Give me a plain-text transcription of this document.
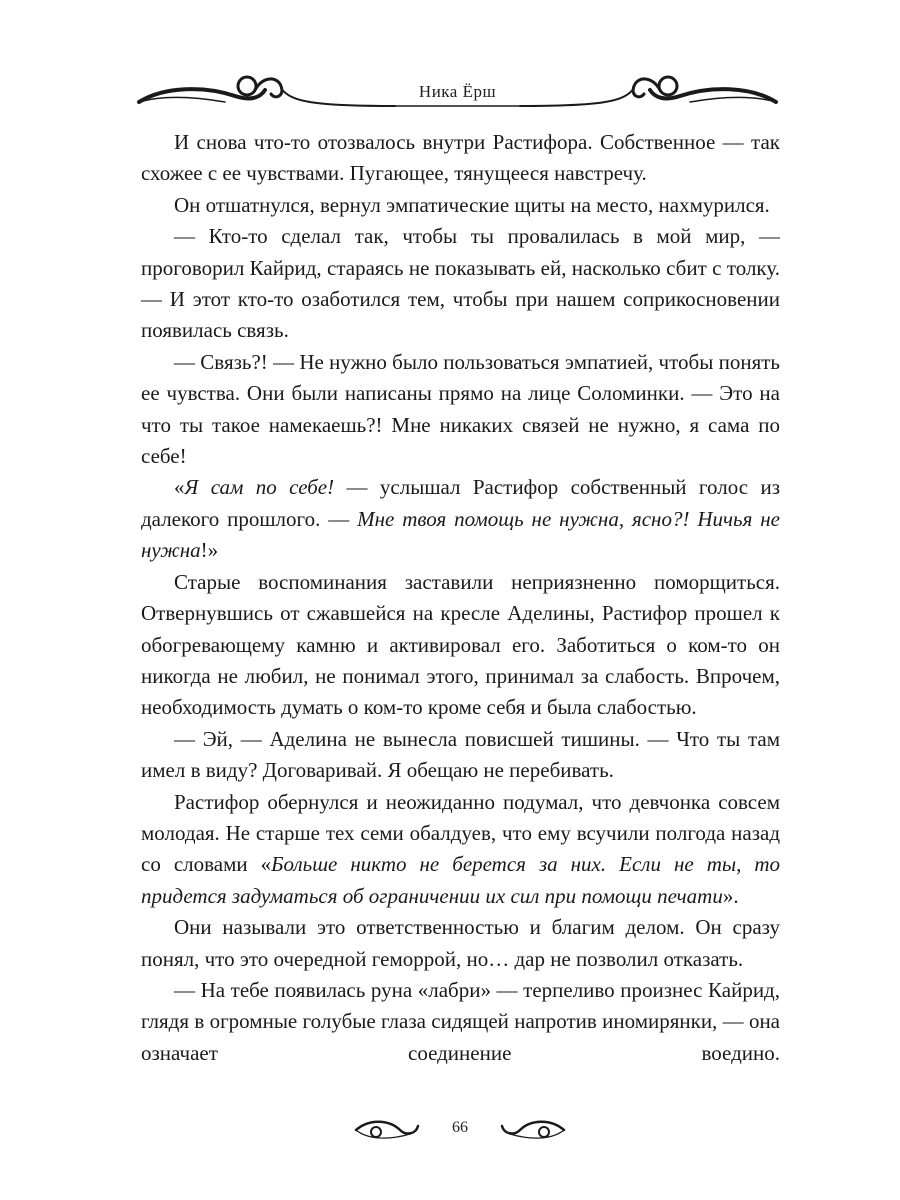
Ника Ёрш

И снова что-то отозвалось внутри Растифора. Собственное — так схожее с ее чувствами. Пугающее, тянущееся навстречу.

Он отшатнулся, вернул эмпатические щиты на место, нахмурился.

— Кто-то сделал так, чтобы ты провалилась в мой мир, — проговорил Кайрид, стараясь не показывать ей, насколько сбит с толку. — И этот кто-то озаботился тем, чтобы при нашем соприкосновении появилась связь.

— Связь?! — Не нужно было пользоваться эмпатией, чтобы понять ее чувства. Они были написаны прямо на лице Соломинки. — Это на что ты такое намекаешь?! Мне никаких связей не нужно, я сама по себе!

«Я сам по себе! — услышал Растифор собственный голос из далекого прошлого. — Мне твоя помощь не нужна, ясно?! Ничья не нужна!»

Старые воспоминания заставили неприязненно поморщиться. Отвернувшись от сжавшейся на кресле Аделины, Растифор прошел к обогревающему камню и активировал его. Заботиться о ком-то он никогда не любил, не понимал этого, принимал за слабость. Впрочем, необходимость думать о ком-то кроме себя и была слабостью.

— Эй, — Аделина не вынесла повисшей тишины. — Что ты там имел в виду? Договаривай. Я обещаю не перебивать.

Растифор обернулся и неожиданно подумал, что девчонка совсем молодая. Не старше тех семи обалдуев, что ему всучили полгода назад со словами «Больше никто не берется за них. Если не ты, то придется задуматься об ограничении их сил при помощи печати».

Они называли это ответственностью и благим делом. Он сразу понял, что это очередной геморрой, но… дар не позволил отказать.

— На тебе появилась руна «лабри» — терпеливо произнес Кайрид, глядя в огромные голубые глаза сидящей напротив иномирянки, — она означает соединение воедино.

66
